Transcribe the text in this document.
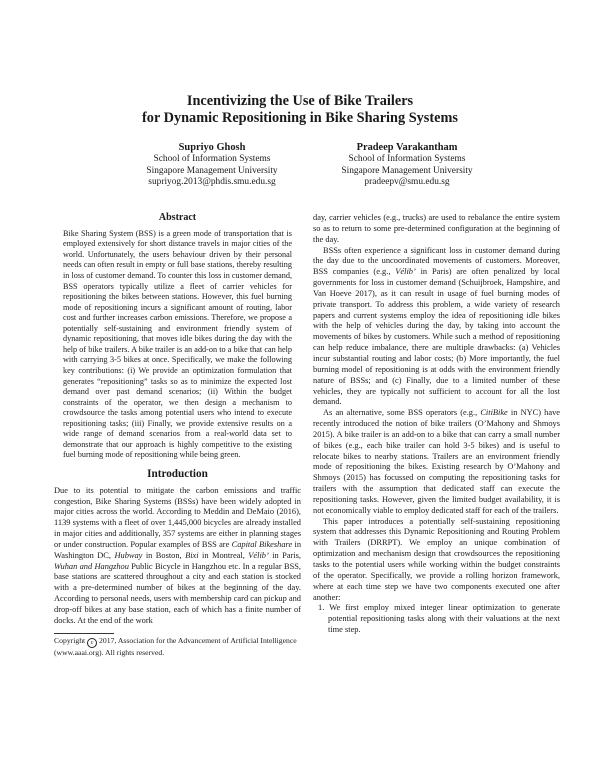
Incentivizing the Use of Bike Trailers
for Dynamic Repositioning in Bike Sharing Systems
Supriyo Ghosh
School of Information Systems
Singapore Management University
supriyog.2013@phdis.smu.edu.sg
Pradeep Varakantham
School of Information Systems
Singapore Management University
pradeepv@smu.edu.sg
Abstract

Bike Sharing System (BSS) is a green mode of transportation that is employed extensively for short distance travels in major cities of the world. Unfortunately, the users behaviour driven by their personal needs can often result in empty or full base stations, thereby resulting in loss of customer demand. To counter this loss in customer demand, BSS operators typically utilize a fleet of carrier vehicles for repositioning the bikes between stations. However, this fuel burning mode of repositioning incurs a significant amount of routing, labor cost and further increases carbon emissions. Therefore, we propose a potentially self-sustaining and environment friendly system of dynamic repositioning, that moves idle bikes during the day with the help of bike trailers. A bike trailer is an add-on to a bike that can help with carrying 3-5 bikes at once. Specifically, we make the following key contributions: (i) We provide an optimization formulation that generates “repositioning” tasks so as to minimize the expected lost demand over past demand scenarios; (ii) Within the budget constraints of the operator, we then design a mechanism to crowdsource the tasks among potential users who intend to execute repositioning tasks; (iii) Finally, we provide extensive results on a wide range of demand scenarios from a real-world data set to demonstrate that our approach is highly competitive to the existing fuel burning mode of repositioning while being green.

Introduction

Due to its potential to mitigate the carbon emissions and traffic congestion, Bike Sharing Systems (BSSs) have been widely adopted in major cities across the world. According to Meddin and DeMaio (2016), 1139 systems with a fleet of over 1,445,000 bicycles are already installed in major cities and additionally, 357 systems are either in planning stages or under construction. Popular examples of BSS are Capital Bikeshare in Washington DC, Hubway in Boston, Bixi in Montreal, Vélib’ in Paris, Wuhan and Hangzhou Public Bicycle in Hangzhou etc. In a regular BSS, base stations are scattered throughout a city and each station is stocked with a pre-determined number of bikes at the beginning of the day. According to personal needs, users with membership card can pickup and drop-off bikes at any base station, each of which has a finite number of docks. At the end of the work

Copyright c 2017, Association for the Advancement of Artificial Intelligence (www.aaai.org). All rights reserved.

day, carrier vehicles (e.g., trucks) are used to rebalance the entire system so as to return to some pre-determined configuration at the beginning of the day.

BSSs often experience a significant loss in customer demand during the day due to the uncoordinated movements of customers. Moreover, BSS companies (e.g., Vélib’ in Paris) are often penalized by local governments for loss in customer demand (Schuijbroek, Hampshire, and Van Hoeve 2017), as it can result in usage of fuel burning modes of private transport. To address this problem, a wide variety of research papers and current systems employ the idea of repositioning idle bikes with the help of vehicles during the day, by taking into account the movements of bikes by customers. While such a method of repositioning can help reduce imbalance, there are multiple drawbacks: (a) Vehicles incur substantial routing and labor costs; (b) More importantly, the fuel burning model of repositioning is at odds with the environment friendly nature of BSSs; and (c) Finally, due to a limited number of these vehicles, they are typically not sufficient to account for all the lost demand.

As an alternative, some BSS operators (e.g., CitiBike in NYC) have recently introduced the notion of bike trailers (O’Mahony and Shmoys 2015). A bike trailer is an add-on to a bike that can carry a small number of bikes (e.g., each bike trailer can hold 3-5 bikes) and is useful to relocate bikes to nearby stations. Trailers are an environment friendly mode of repositioning the bikes. Existing research by O’Mahony and Shmoys (2015) has focussed on computing the repositioning tasks for trailers with the assumption that dedicated staff can execute the repositioning tasks. However, given the limited budget availability, it is not economically viable to employ dedicated staff for each of the trailers.

This paper introduces a potentially self-sustaining repositioning system that addresses this Dynamic Repositioning and Routing Problem with Trailers (DRRPT). We employ an unique combination of optimization and mechanism design that crowdsources the repositioning tasks to the potential users while working within the budget constraints of the operator. Specifically, we provide a rolling horizon framework, where at each time step we have two components executed one after another:

1. We first employ mixed integer linear optimization to generate potential repositioning tasks along with their valuations at the next time step.
